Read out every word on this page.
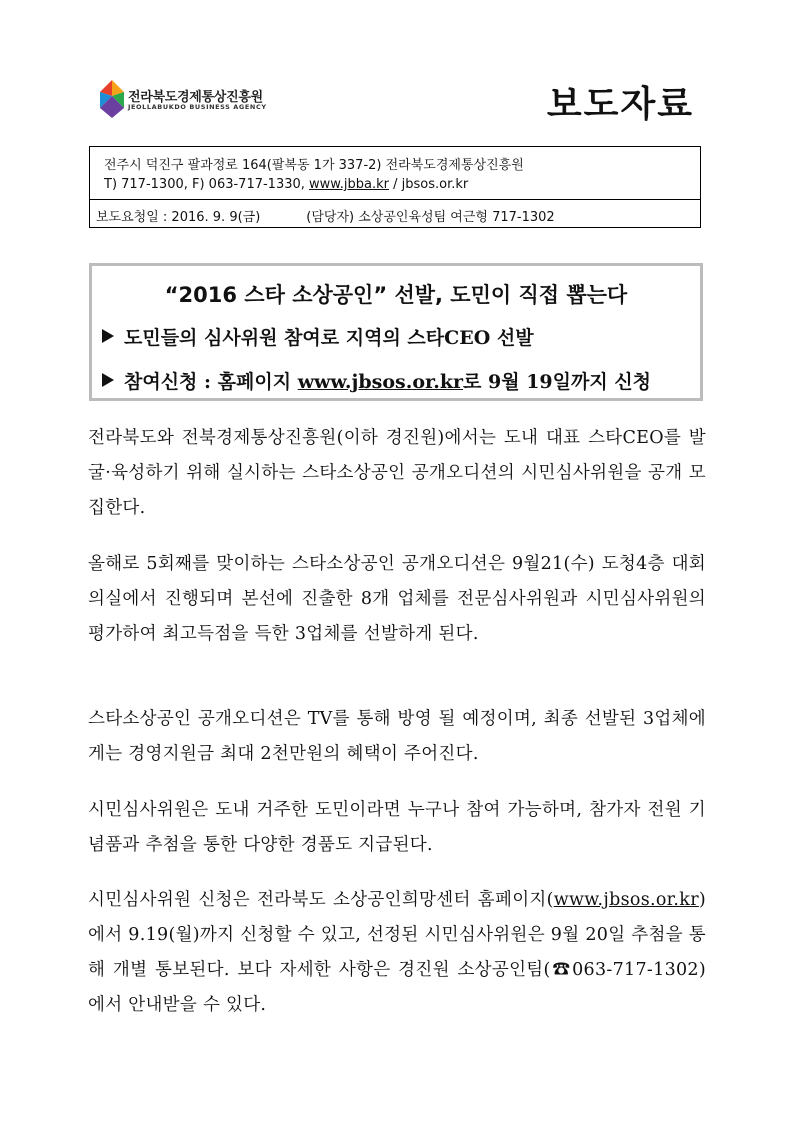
전라북도경제통상진흥원
JEOLLABUKDO BUSINESS AGENCY	보도자료
전주시 덕진구 팔과정로 164(팔복동 1가 337-2) 전라북도경제통상진흥원
T) 717-1300, F) 063-717-1330, www.jbba.kr / jbsos.or.kr
보도요청일 : 2016. 9. 9(금)	(담당자) 소상공인육성팀 여근형 717-1302
“2016 스타 소상공인” 선발, 도민이 직접 뽑는다
도민들의 심사위원 참여로 지역의 스타CEO 선발
참여신청 : 홈페이지 www.jbsos.or.kr로 9월 19일까지 신청
전라북도와 전북경제통상진흥원(이하 경진원)에서는 도내 대표 스타CEO를 발굴·육성하기 위해 실시하는 스타소상공인 공개오디션의 시민심사위원을 공개 모집한다.
올해로 5회째를 맞이하는 스타소상공인 공개오디션은 9월21(수) 도청4층 대회의실에서 진행되며 본선에 진출한 8개 업체를 전문심사위원과 시민심사위원의 평가하여 최고득점을 득한 3업체를 선발하게 된다.
스타소상공인 공개오디션은 TV를 통해 방영 될 예정이며, 최종 선발된 3업체에게는 경영지원금 최대 2천만원의 혜택이 주어진다.
시민심사위원은 도내 거주한 도민이라면 누구나 참여 가능하며, 참가자 전원 기념품과 추첨을 통한 다양한 경품도 지급된다.
시민심사위원 신청은 전라북도 소상공인희망센터 홈페이지(www.jbsos.or.kr)에서 9.19(월)까지 신청할 수 있고, 선정된 시민심사위원은 9월 20일 추첨을 통해 개별 통보된다. 보다 자세한 사항은 경진원 소상공인팀(☎063-717-1302)에서 안내받을 수 있다.
